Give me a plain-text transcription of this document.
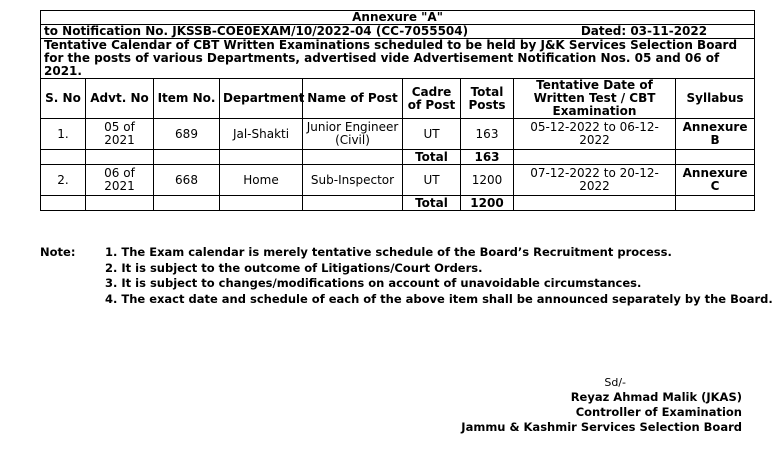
Annexure "A"								

to Notification No. JKSSB-COE0EXAM/10/2022-04 (CC-7055504) Dated: 03-11-2022								

Tentative Calendar of CBT Written Examinations scheduled to be held by J&K Services Selection Board for the posts of various Departments, advertised vide Advertisement Notification Nos. 05 and 06 of 2021.								
S. No	Advt. No	Item No.	Department	Name of Post	Cadre of Post	Total Posts	Tentative Date of Written Test / CBT Examination	Syllabus
1.	05 of 2021	689	Jal-Shakti	Junior Engineer (Civil)	UT	163	05-12-2022 to 06-12-2022	Annexure B
					Total	163		
2.	06 of 2021	668	Home	Sub-Inspector	UT	1200	07-12-2022 to 20-12-2022	Annexure C
					Total	1200		
Note:	1. The Exam calendar is merely tentative schedule of the Board’s Recruitment process.
2. It is subject to the outcome of Litigations/Court Orders.
3. It is subject to changes/modifications on account of unavoidable circumstances.
4. The exact date and schedule of each of the above item shall be announced separately by the Board.
Sd/-
Reyaz Ahmad Malik (JKAS)
Controller of Examination
Jammu & Kashmir Services Selection Board
